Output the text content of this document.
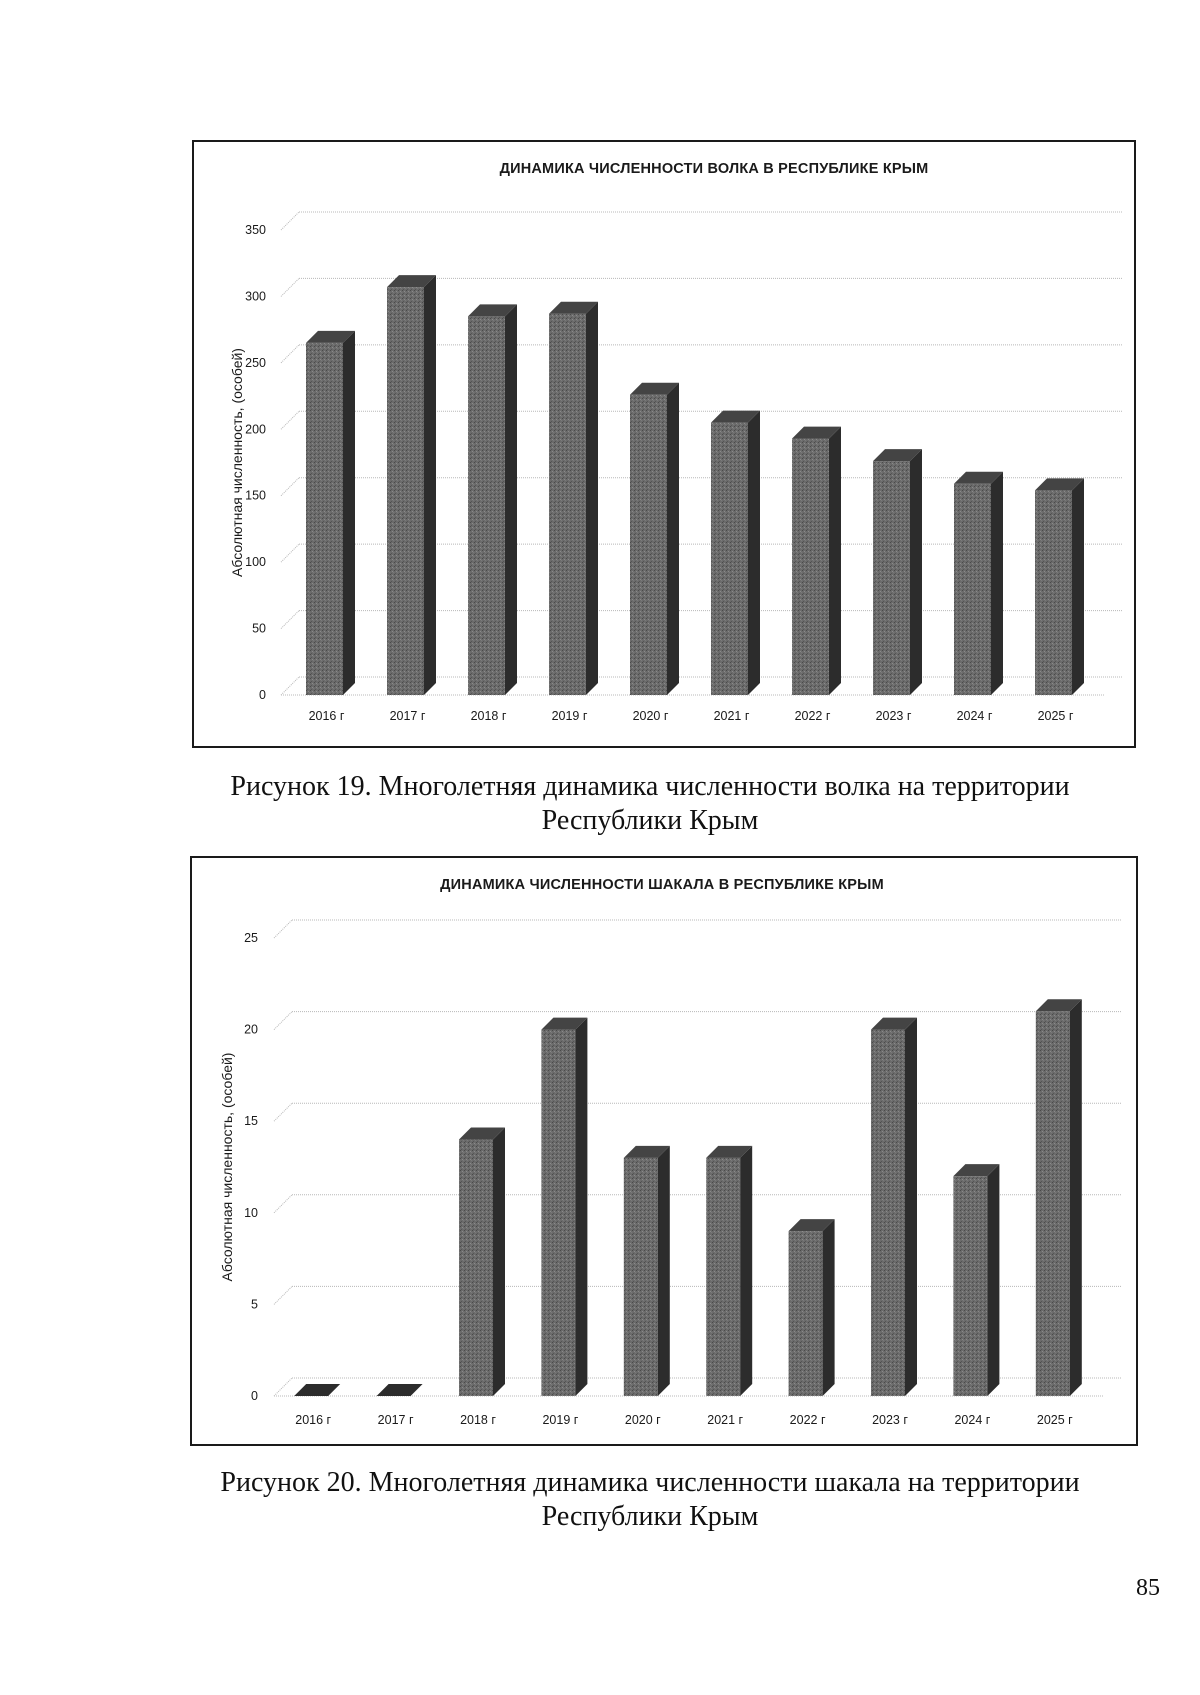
ДИНАМИКА ЧИСЛЕННОСТИ ВОЛКА В РЕСПУБЛИКЕ КРЫМ
0
50
100
150
200
250
300
350
Абсолютная численность, (особей)
2016 г	2017 г	2018 г	2019 г	2020 г	2021 г	2022 г	2023 г	2024 г	2025 г
Рисунок 19. Многолетняя динамика численности волка на территории
Республики Крым
ДИНАМИКА ЧИСЛЕННОСТИ ШАКАЛА В РЕСПУБЛИКЕ КРЫМ
0
5
10
15
20
25
Абсолютная численность, (особей)
2016 г	2017 г	2018 г	2019 г	2020 г	2021 г	2022 г	2023 г	2024 г	2025 г
Рисунок 20. Многолетняя динамика численности шакала на территории
Республики Крым
85
